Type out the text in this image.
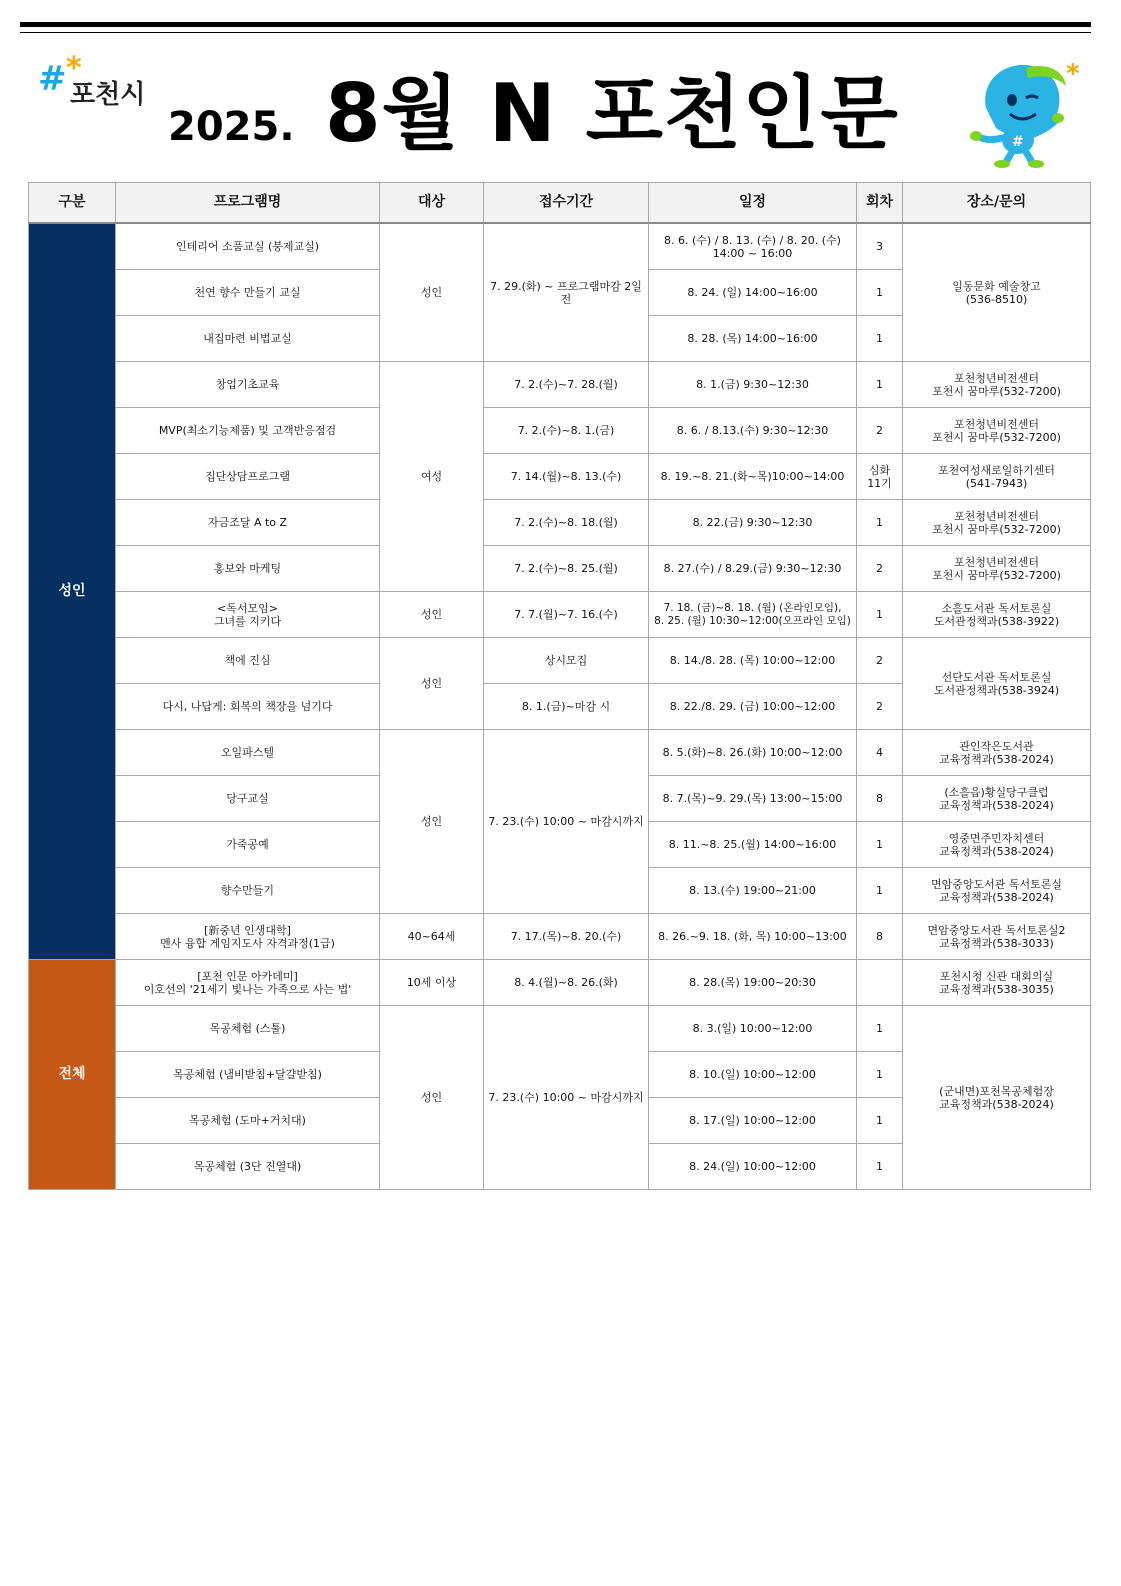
# *
포천시
2025. 8월 N 포천인문	#
*
구분	프로그램명	대상	접수기간	일정	회차	장소/문의
성인	인테리어 소품교실 (붕제교실)	성인	7. 29.(화) ~ 프로그램마감 2일전	8. 6. (수) / 8. 13. (수) / 8. 20. (수)
14:00 ~ 16:00	3	일동문화 예술창고
(536-8510)

	천연 향수 만들기 교실			8. 24. (일) 14:00~16:00	1	

	내집마련 비법교실			8. 28. (목) 14:00~16:00	1	

	창업기초교육	여성	7. 2.(수)~7. 28.(월)	8. 1.(금) 9:30~12:30	1	포천청년비전센터
포천시 꿈마루(532-7200)

	MVP(최소기능제품) 및 고객반응점검		7. 2.(수)~8. 1.(금)	8. 6. / 8.13.(수) 9:30~12:30	2	포천청년비전센터
포천시 꿈마루(532-7200)

	집단상담프로그램		7. 14.(월)~8. 13.(수)	8. 19.~8. 21.(화~목)10:00~14:00	심화
11기	포천여성새로일하기센터
(541-7943)

	자금조달 A to Z		7. 2.(수)~8. 18.(월)	8. 22.(금) 9:30~12:30	1	포천청년비전센터
포천시 꿈마루(532-7200)

	홍보와 마케팅		7. 2.(수)~8. 25.(월)	8. 27.(수) / 8.29.(금) 9:30~12:30	2	포천청년비전센터
포천시 꿈마루(532-7200)

	<독서모임>
그녀를 지키다	성인	7. 7.(월)~7. 16.(수)	7. 18. (금)~8. 18. (월) (온라인모임),
8. 25. (월) 10:30~12:00(오프라인 모임)	1	소흘도서관 독서토론실
도서관정책과(538-3922)

	책에 진심	성인	상시모집	8. 14./8. 28. (목) 10:00~12:00	2	선단도서관 독서토론실
도서관정책과(538-3924)

	다시, 나답게: 회복의 책장을 넘기다		8. 1.(금)~마감 시	8. 22./8. 29. (금) 10:00~12:00	2	

	오일파스텔	성인	7. 23.(수) 10:00 ~ 마감시까지	8. 5.(화)~8. 26.(화) 10:00~12:00	4	관인작은도서관
교육정책과(538-2024)

	당구교실			8. 7.(목)~9. 29.(목) 13:00~15:00	8	(소흘읍)황실당구클럽
교육정책과(538-2024)

	가죽공예			8. 11.~8. 25.(월) 14:00~16:00	1	영중면주민자치센터
교육정책과(538-2024)

	향수만들기			8. 13.(수) 19:00~21:00	1	면암중앙도서관 독서토론실
교육정책과(538-2024)

	[新중년 인생대학]
멘사 융합 게임지도사 자격과정(1급)	40~64세	7. 17.(목)~8. 20.(수)	8. 26.~9. 18. (화, 목) 10:00~13:00	8	면암중앙도서관 독서토론실2
교육정책과(538-3033)

전체	[포천 인문 아카데미]
이호선의 '21세기 빛나는 가족으로 사는 법'	10세 이상	8. 4.(월)~8. 26.(화)	8. 28.(목) 19:00~20:30		포천시청 신관 대회의실
교육정책과(538-3035)

	목공체험 (스툴)	성인	7. 23.(수) 10:00 ~ 마감시까지	8. 3.(일) 10:00~12:00	1	(군내면)포천목공체험장
교육정책과(538-2024)

	목공체험 (냄비받침+달걀받침)			8. 10.(일) 10:00~12:00	1	

	목공체험 (도마+거치대)			8. 17.(일) 10:00~12:00	1	

	목공체험 (3단 진열대)			8. 24.(일) 10:00~12:00	1	
